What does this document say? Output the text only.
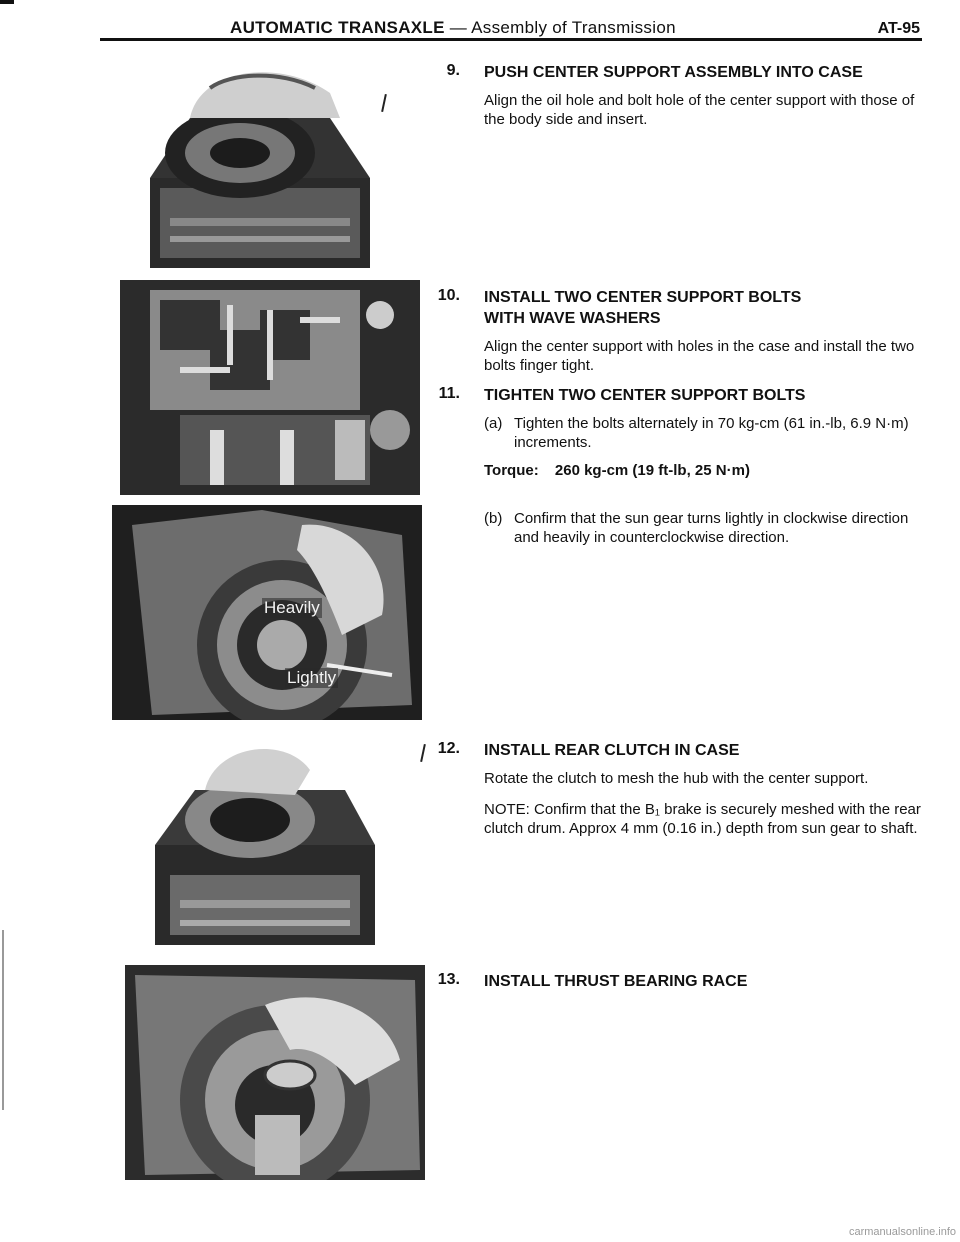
AUTOMATIC TRANSAXLE — Assembly of Transmission	AT-95
Heavily
Lightly
9. PUSH CENTER SUPPORT ASSEMBLY INTO CASE
Align the oil hole and bolt hole of the center support with those of the body side and insert.
10. INSTALL TWO CENTER SUPPORT BOLTS WITH WAVE WASHERS
Align the center support with holes in the case and install the two bolts finger tight.
11. TIGHTEN TWO CENTER SUPPORT BOLTS
(a) Tighten the bolts alternately in 70 kg-cm (61 in.-lb, 6.9 N·m) increments.
Torque: 260 kg-cm (19 ft-lb, 25 N·m)
(b) Confirm that the sun gear turns lightly in clockwise direction and heavily in counterclockwise direction.
12. INSTALL REAR CLUTCH IN CASE
Rotate the clutch to mesh the hub with the center support.
NOTE: Confirm that the B₁ brake is securely meshed with the rear clutch drum. Approx 4 mm (0.16 in.) depth from sun gear to shaft.
13. INSTALL THRUST BEARING RACE
carmanualsonline.info
